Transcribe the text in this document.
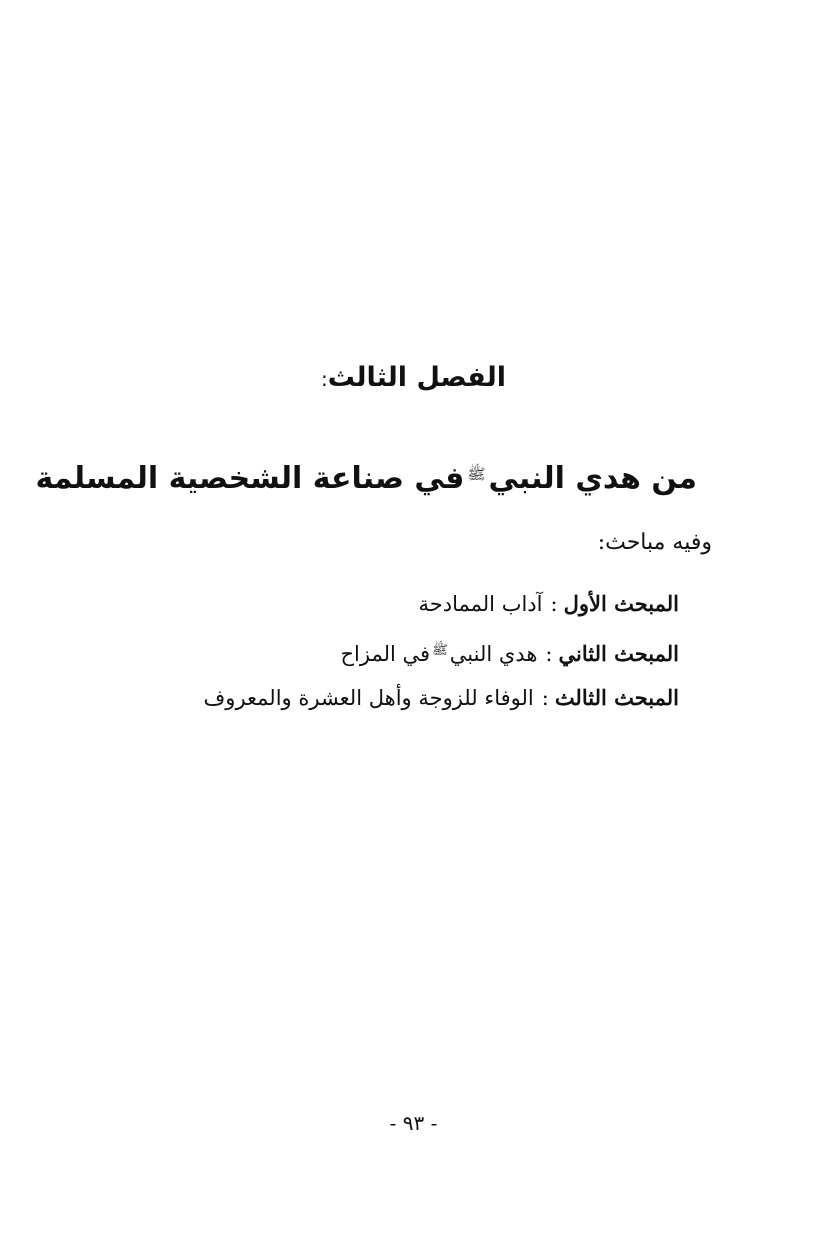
الفصل الثالث:
من هدي النبي$^ﷺ$في صناعة الشخصية المسلمة
وفيه مباحث:
المبحث الأول:آداب الممادحة
المبحث الثاني:هدي النبي$^ﷺ$في المزاح
المبحث الثالث:الوفاء للزوجة وأهل العشرة والمعروف
- ٩٣ -
